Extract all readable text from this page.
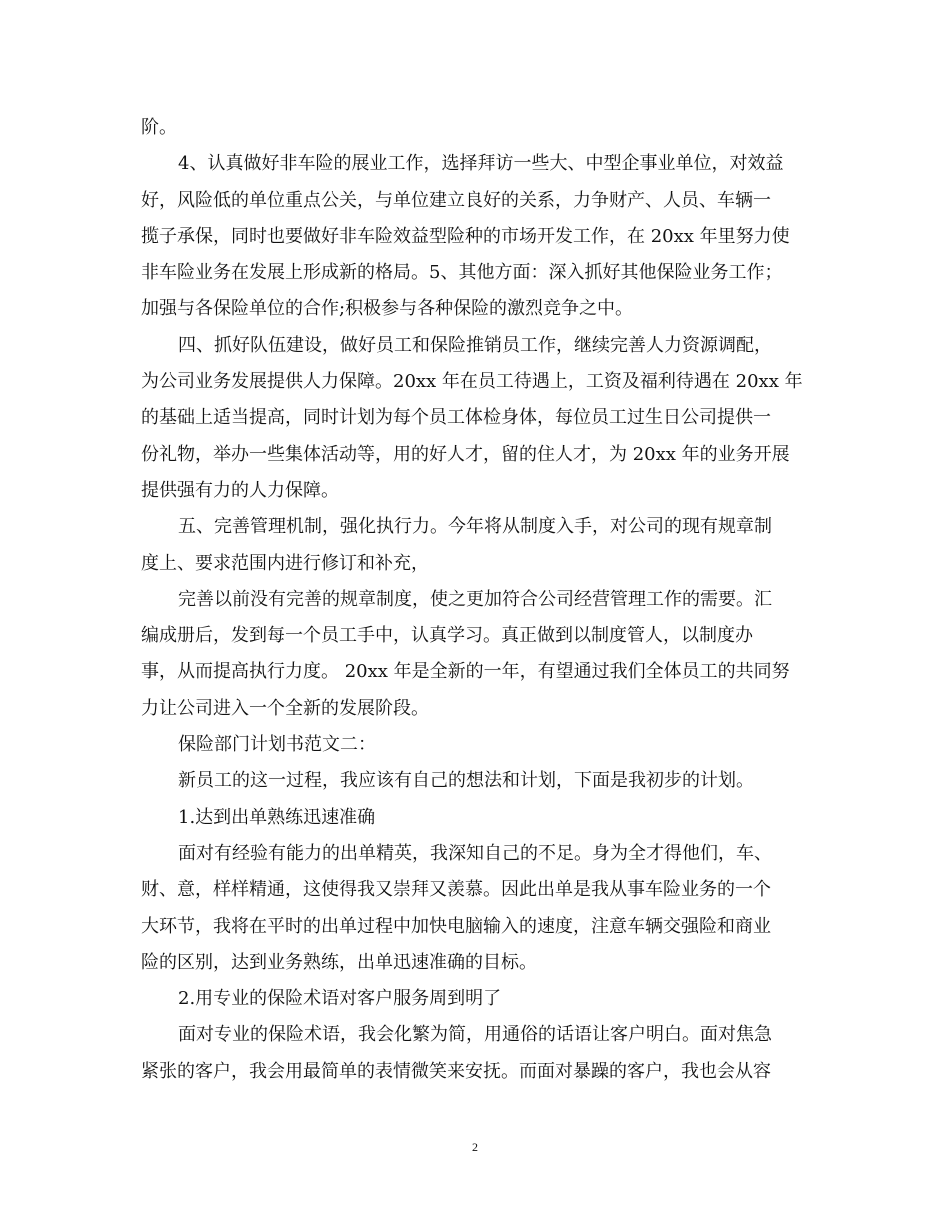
阶。
4、认真做好非车险的展业工作，选择拜访一些大、中型企事业单位，对效益
好，风险低的单位重点公关，与单位建立良好的关系，力争财产、人员、车辆一
揽子承保，同时也要做好非车险效益型险种的市场开发工作，在 20xx 年里努力使
非车险业务在发展上形成新的格局。5、其他方面：深入抓好其他保险业务工作；
加强与各保险单位的合作;积极参与各种保险的激烈竞争之中。
四、抓好队伍建设，做好员工和保险推销员工作，继续完善人力资源调配，
为公司业务发展提供人力保障。20xx 年在员工待遇上，工资及福利待遇在 20xx 年
的基础上适当提高，同时计划为每个员工体检身体，每位员工过生日公司提供一
份礼物，举办一些集体活动等，用的好人才，留的住人才，为 20xx 年的业务开展
提供强有力的人力保障。
五、完善管理机制，强化执行力。今年将从制度入手，对公司的现有规章制
度上、要求范围内进行修订和补充，
完善以前没有完善的规章制度，使之更加符合公司经营管理工作的需要。汇
编成册后，发到每一个员工手中，认真学习。真正做到以制度管人，以制度办
事，从而提高执行力度。 20xx 年是全新的一年，有望通过我们全体员工的共同努
力让公司进入一个全新的发展阶段。
保险部门计划书范文二：
新员工的这一过程，我应该有自己的想法和计划，下面是我初步的计划。
1.达到出单熟练迅速准确
面对有经验有能力的出单精英，我深知自己的不足。身为全才得他们，车、
财、意，样样精通，这使得我又崇拜又羡慕。因此出单是我从事车险业务的一个
大环节，我将在平时的出单过程中加快电脑输入的速度，注意车辆交强险和商业
险的区别，达到业务熟练，出单迅速准确的目标。
2.用专业的保险术语对客户服务周到明了
面对专业的保险术语，我会化繁为简，用通俗的话语让客户明白。面对焦急
紧张的客户，我会用最简单的表情微笑来安抚。而面对暴躁的客户，我也会从容
2
